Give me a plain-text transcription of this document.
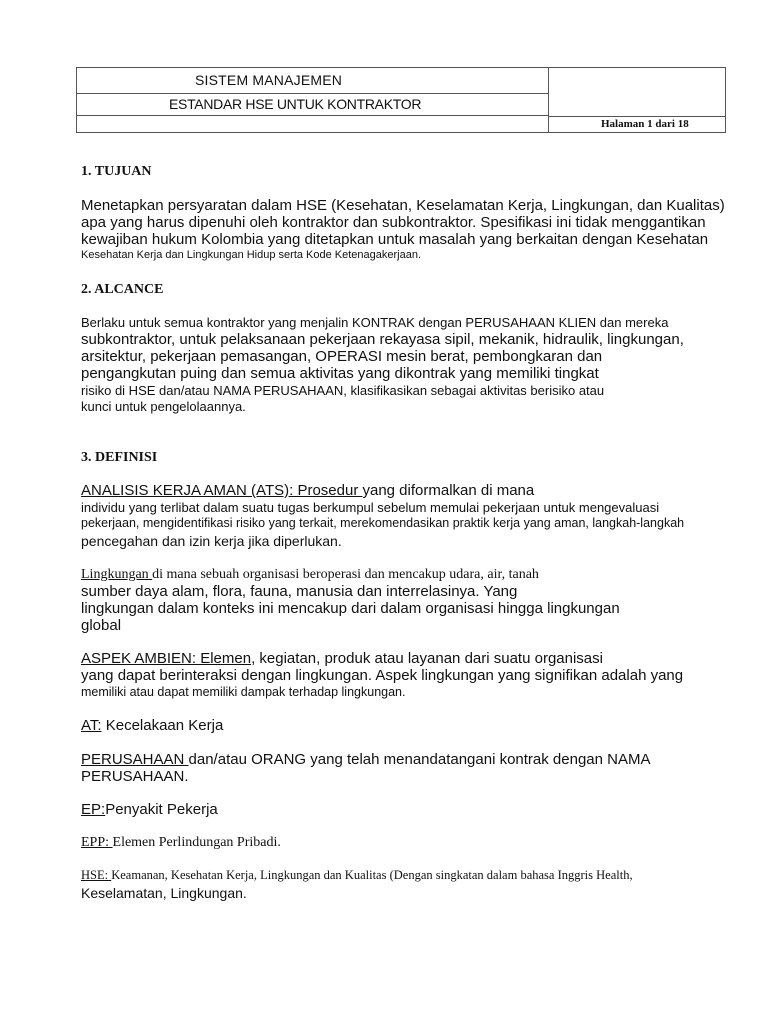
SISTEM MANAJEMEN
ESTANDAR HSE UNTUK KONTRAKTOR
Halaman 1 dari 18
1. TUJUAN
Menetapkan persyaratan dalam HSE (Kesehatan, Keselamatan Kerja, Lingkungan, dan Kualitas)
apa yang harus dipenuhi oleh kontraktor dan subkontraktor. Spesifikasi ini tidak menggantikan
kewajiban hukum Kolombia yang ditetapkan untuk masalah yang berkaitan dengan Kesehatan
Kesehatan Kerja dan Lingkungan Hidup serta Kode Ketenagakerjaan.
2. ALCANCE
Berlaku untuk semua kontraktor yang menjalin KONTRAK dengan PERUSAHAAN KLIEN dan mereka
subkontraktor, untuk pelaksanaan pekerjaan rekayasa sipil, mekanik, hidraulik, lingkungan,
arsitektur, pekerjaan pemasangan, OPERASI mesin berat, pembongkaran dan
pengangkutan puing dan semua aktivitas yang dikontrak yang memiliki tingkat
risiko di HSE dan/atau NAMA PERUSAHAAN, klasifikasikan sebagai aktivitas berisiko atau
kunci untuk pengelolaannya.
3. DEFINISI
ANALISIS KERJA AMAN (ATS): Prosedur yang diformalkan di mana
individu yang terlibat dalam suatu tugas berkumpul sebelum memulai pekerjaan untuk mengevaluasi
pekerjaan, mengidentifikasi risiko yang terkait, merekomendasikan praktik kerja yang aman, langkah-langkah
pencegahan dan izin kerja jika diperlukan.
Lingkungan di mana sebuah organisasi beroperasi dan mencakup udara, air, tanah
sumber daya alam, flora, fauna, manusia dan interrelasinya. Yang
lingkungan dalam konteks ini mencakup dari dalam organisasi hingga lingkungan
global
ASPEK AMBIEN: Elemen, kegiatan, produk atau layanan dari suatu organisasi
yang dapat berinteraksi dengan lingkungan. Aspek lingkungan yang signifikan adalah yang
memiliki atau dapat memiliki dampak terhadap lingkungan.
AT: Kecelakaan Kerja
PERUSAHAAN dan/atau ORANG yang telah menandatangani kontrak dengan NAMA
PERUSAHAAN.
EP:Penyakit Pekerja
EPP: Elemen Perlindungan Pribadi.
HSE: Keamanan, Kesehatan Kerja, Lingkungan dan Kualitas (Dengan singkatan dalam bahasa Inggris Health,
Keselamatan, Lingkungan.
